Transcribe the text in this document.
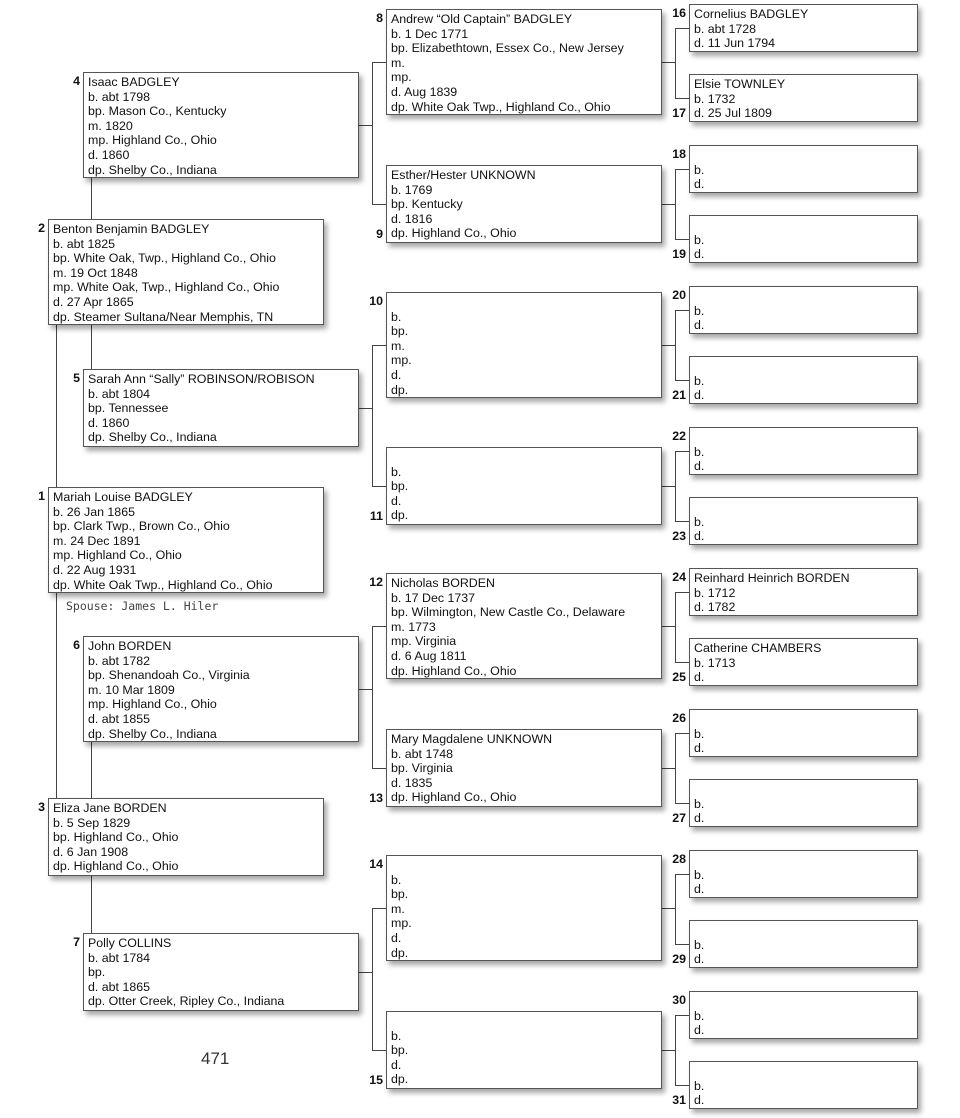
Mariah Louise BADGLEY
b. 26 Jan 1865
bp. Clark Twp., Brown Co., Ohio
m. 24 Dec 1891
mp. Highland Co., Ohio
d. 22 Aug 1931
dp. White Oak Twp., Highland Co., Ohio
1
Benton Benjamin BADGLEY
b. abt 1825
bp. White Oak, Twp., Highland Co., Ohio
m. 19 Oct 1848
mp. White Oak, Twp., Highland Co., Ohio
d. 27 Apr 1865
dp. Steamer Sultana/Near Memphis, TN
2
Eliza Jane BORDEN
b. 5 Sep 1829
bp. Highland Co., Ohio
d. 6 Jan 1908
dp. Highland Co., Ohio
3
Isaac BADGLEY
b. abt 1798
bp. Mason Co., Kentucky
m. 1820
mp. Highland Co., Ohio
d. 1860
dp. Shelby Co., Indiana
4
Sarah Ann “Sally” ROBINSON/ROBISON
b. abt 1804
bp. Tennessee
d. 1860
dp. Shelby Co., Indiana
5
John BORDEN
b. abt 1782
bp. Shenandoah Co., Virginia
m. 10 Mar 1809
mp. Highland Co., Ohio
d. abt 1855
dp. Shelby Co., Indiana
6
Polly COLLINS
b. abt 1784
bp.
d. abt 1865
dp. Otter Creek, Ripley Co., Indiana
7
Andrew “Old Captain” BADGLEY
b. 1 Dec 1771
bp. Elizabethtown, Essex Co., New Jersey
m.
mp.
d. Aug 1839
dp. White Oak Twp., Highland Co., Ohio
8
Esther/Hester UNKNOWN
b. 1769
bp. Kentucky
d. 1816
dp. Highland Co., Ohio
9

b.
bp.
m.
mp.
d.
dp.
10

b.
bp.
d.
dp.
11
Nicholas BORDEN
b. 17 Dec 1737
bp. Wilmington, New Castle Co., Delaware
m. 1773
mp. Virginia
d. 6 Aug 1811
dp. Highland Co., Ohio
12
Mary Magdalene UNKNOWN
b. abt 1748
bp. Virginia
d. 1835
dp. Highland Co., Ohio
13

b.
bp.
m.
mp.
d.
dp.
14

b.
bp.
d.
dp.
15
Cornelius BADGLEY
b. abt 1728
d. 11 Jun 1794
16
Elsie TOWNLEY
b. 1732
d. 25 Jul 1809
17

b.
d.
18

b.
d.
19

b.
d.
20

b.
d.
21

b.
d.
22

b.
d.
23
Reinhard Heinrich BORDEN
b. 1712
d. 1782
24
Catherine CHAMBERS
b. 1713
d.
25

b.
d.
26

b.
d.
27

b.
d.
28

b.
d.
29

b.
d.
30

b.
d.
31
Spouse: James L. Hiler
471
